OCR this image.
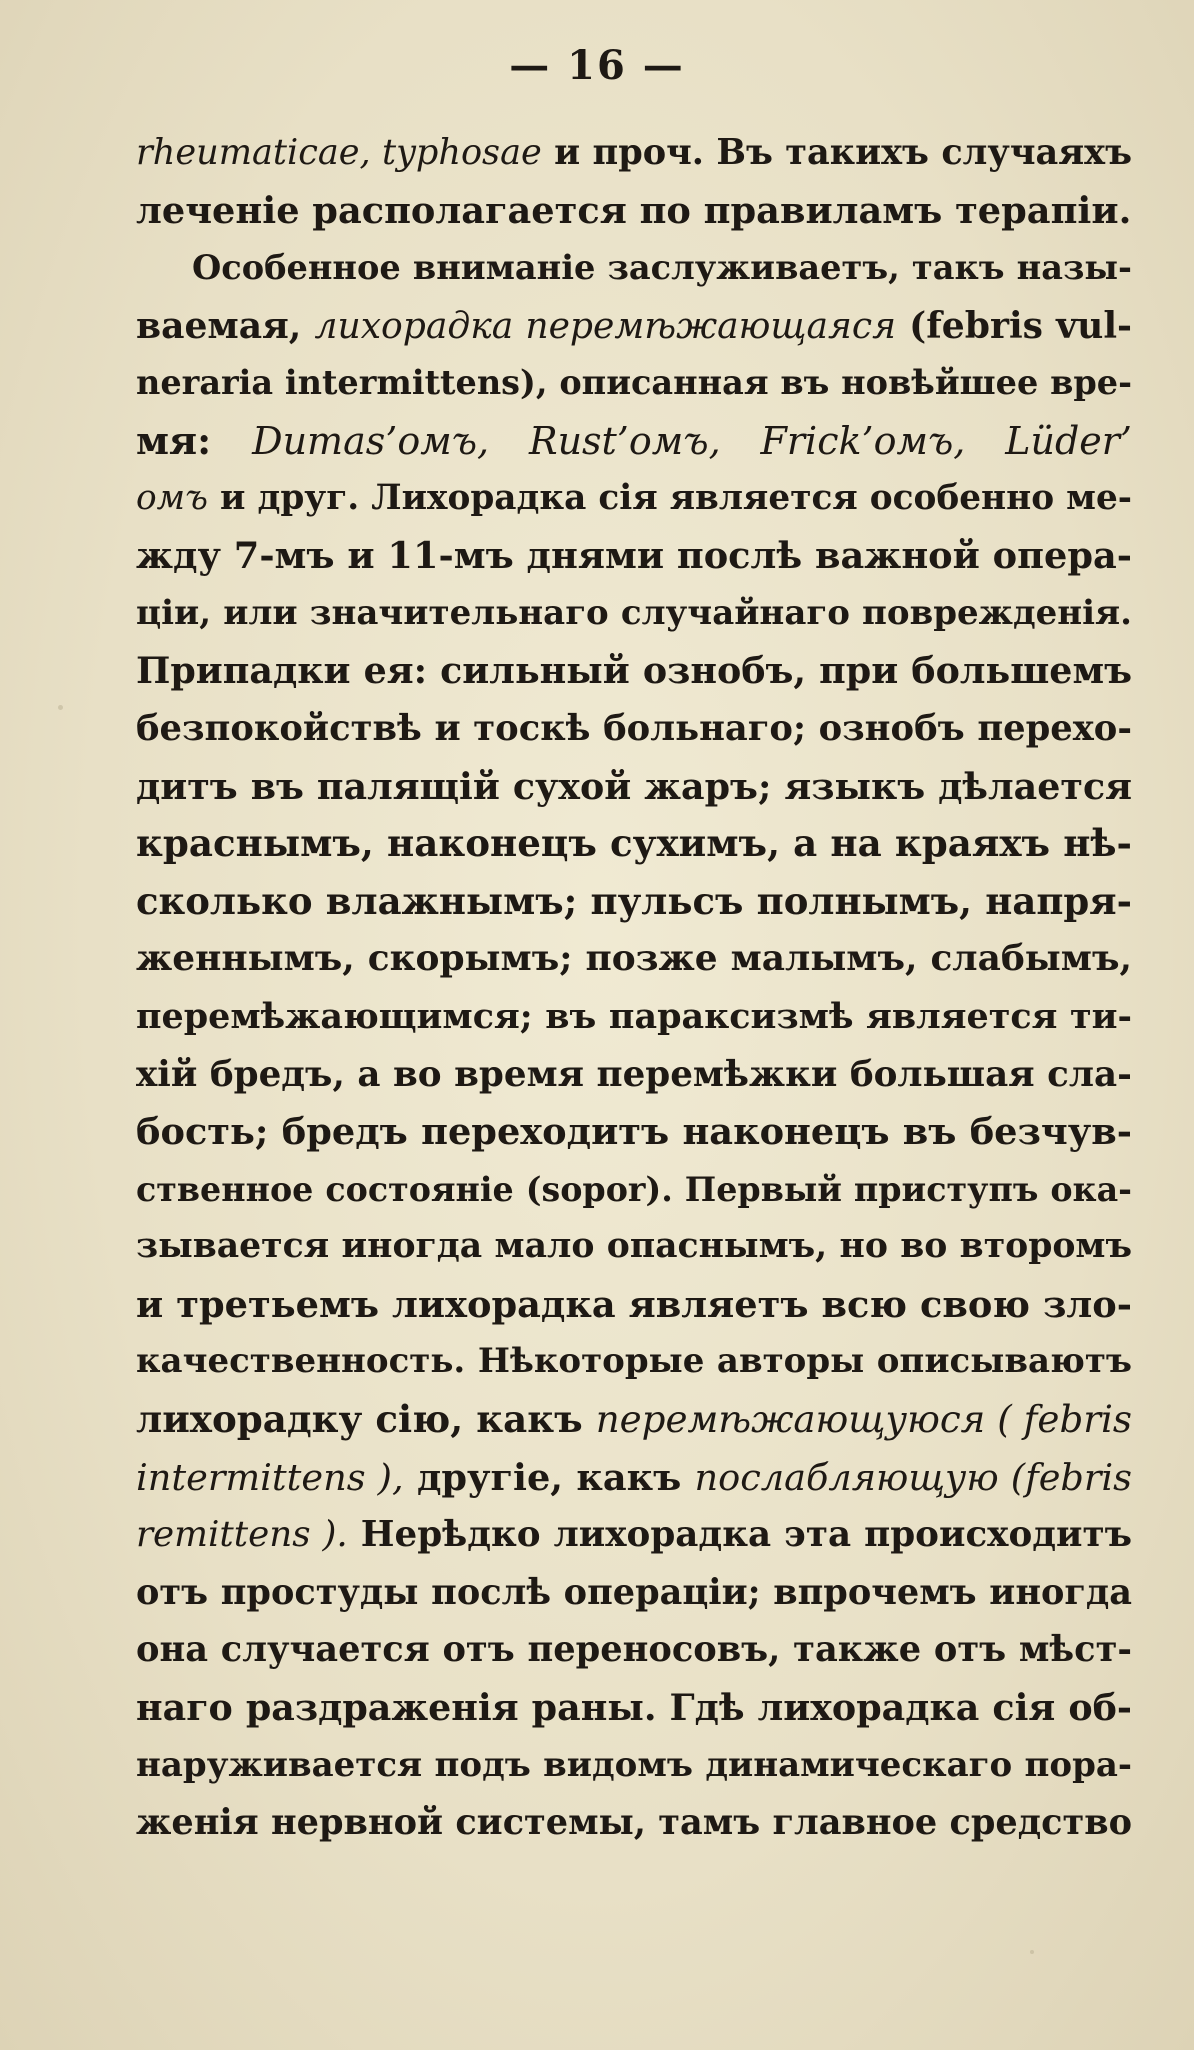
— 16 —
rheumaticae, typhosae и проч. Въ такихъ случаяхъ
леченіе располагается по правиламъ терапіи.
Особенное вниманіе заслуживаетъ, такъ назы-
ваемая, лихорадка перемѣжающаяся (febris vul-
neraria intermittens), описанная въ новѣйшее вре-
мя: Dumas’омъ, Rust’омъ, Frick’омъ, Lüder’
омъ и друг. Лихорадка сія является особенно ме-
жду 7-мъ и 11-мъ днями послѣ важной опера-
ціи, или значительнаго случайнаго поврежденія.
Припадки ея: сильный ознобъ, при большемъ
безпокойствѣ и тоскѣ больнаго; ознобъ перехо-
дитъ въ палящій сухой жаръ; языкъ дѣлается
краснымъ, наконецъ сухимъ, а на краяхъ нѣ-
сколько влажнымъ; пульсъ полнымъ, напря-
женнымъ, скорымъ; позже малымъ, слабымъ,
перемѣжающимся; въ параксизмѣ является ти-
хій бредъ, а во время перемѣжки большая сла-
бость; бредъ переходитъ наконецъ въ безчув-
ственное состояніе (sopor). Первый приступъ ока-
зывается иногда мало опаснымъ, но во второмъ
и третьемъ лихорадка являетъ всю свою зло-
качественность. Нѣкоторые авторы описываютъ
лихорадку сію, какъ перемѣжающуюся ( febris
intermittens ), другіе, какъ послабляющую (febris
remittens ). Нерѣдко лихорадка эта происходитъ
отъ простуды послѣ операціи; впрочемъ иногда
она случается отъ переносовъ, также отъ мѣст-
наго раздраженія раны. Гдѣ лихорадка сія об-
наруживается подъ видомъ динамическаго пора-
женія нервной системы, тамъ главное средство
